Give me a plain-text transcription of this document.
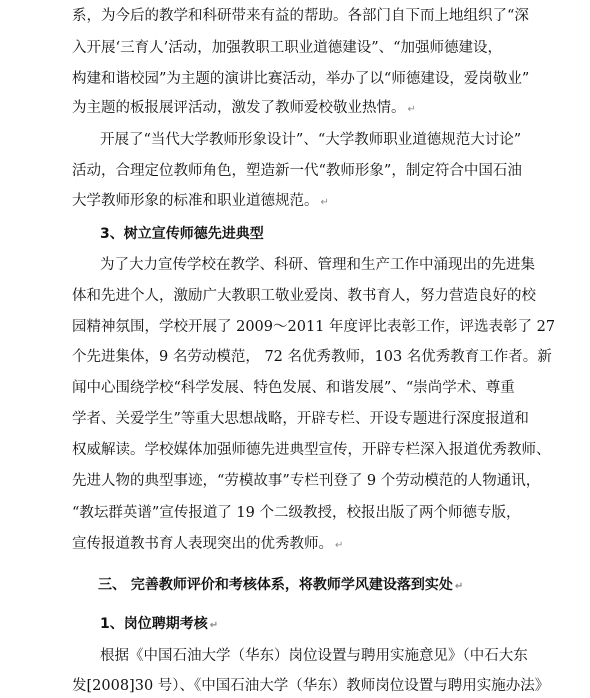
系，为今后的教学和科研带来有益的帮助。各部门自下而上地组织了“深
入开展‘三育人’活动，加强教职工职业道德建设”、“加强师德建设，
构建和谐校园”为主题的演讲比赛活动，举办了以“师德建设，爱岗敬业”
为主题的板报展评活动，激发了教师爱校敬业热情。 ↵
开展了“当代大学教师形象设计”、“大学教师职业道德规范大讨论”
活动，合理定位教师角色，塑造新一代“教师形象”，制定符合中国石油
大学教师形象的标准和职业道德规范。 ↵
3、树立宣传师德先进典型
为了大力宣传学校在教学、科研、管理和生产工作中涌现出的先进集
体和先进个人，激励广大教职工敬业爱岗、教书育人，努力营造良好的校
园精神氛围，学校开展了 2009～2011 年度评比表彰工作，评选表彰了 27
个先进集体，9 名劳动模范， 72 名优秀教师，103 名优秀教育工作者。新
闻中心围绕学校“科学发展、特色发展、和谐发展”、“崇尚学术、尊重
学者、关爱学生”等重大思想战略，开辟专栏、开设专题进行深度报道和
权威解读。学校媒体加强师德先进典型宣传，开辟专栏深入报道优秀教师、
先进人物的典型事迹，“劳模故事”专栏刊登了 9 个劳动模范的人物通讯，
“教坛群英谱”宣传报道了 19 个二级教授，校报出版了两个师德专版，
宣传报道教书育人表现突出的优秀教师。 ↵
三、 完善教师评价和考核体系，将教师学风建设落到实处 ↵
1、岗位聘期考核 ↵
根据《中国石油大学（华东）岗位设置与聘用实施意见》（中石大东
发[2008]30 号）、《中国石油大学（华东）教师岗位设置与聘用实施办法》
